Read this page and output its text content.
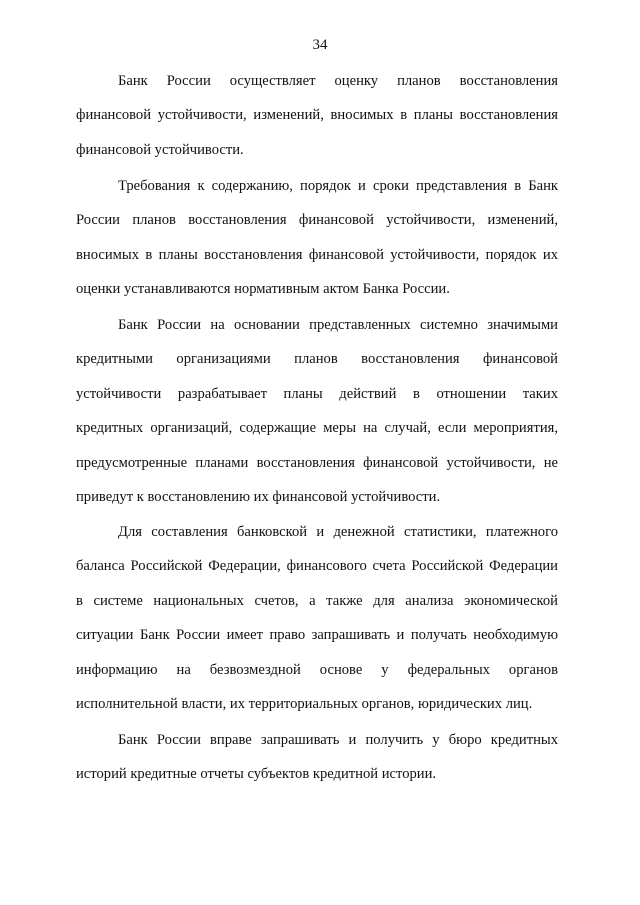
34
Банк России осуществляет оценку планов восстановления
финансовой устойчивости, изменений, вносимых в планы восстановления
финансовой устойчивости.
Требования к содержанию, порядок и сроки представления в Банк
России планов восстановления финансовой устойчивости, изменений,
вносимых в планы восстановления финансовой устойчивости, порядок их
оценки устанавливаются нормативным актом Банка России.
Банк России на основании представленных системно значимыми
кредитными организациями планов восстановления финансовой
устойчивости разрабатывает планы действий в отношении таких
кредитных организаций, содержащие меры на случай, если мероприятия,
предусмотренные планами восстановления финансовой устойчивости, не
приведут к восстановлению их финансовой устойчивости.
Для составления банковской и денежной статистики, платежного
баланса Российской Федерации, финансового счета Российской Федерации
в системе национальных счетов, а также для анализа экономической
ситуации Банк России имеет право запрашивать и получать необходимую
информацию на безвозмездной основе у федеральных органов
исполнительной власти, их территориальных органов, юридических лиц.
Банк России вправе запрашивать и получить у бюро кредитных
историй кредитные отчеты субъектов кредитной истории.
